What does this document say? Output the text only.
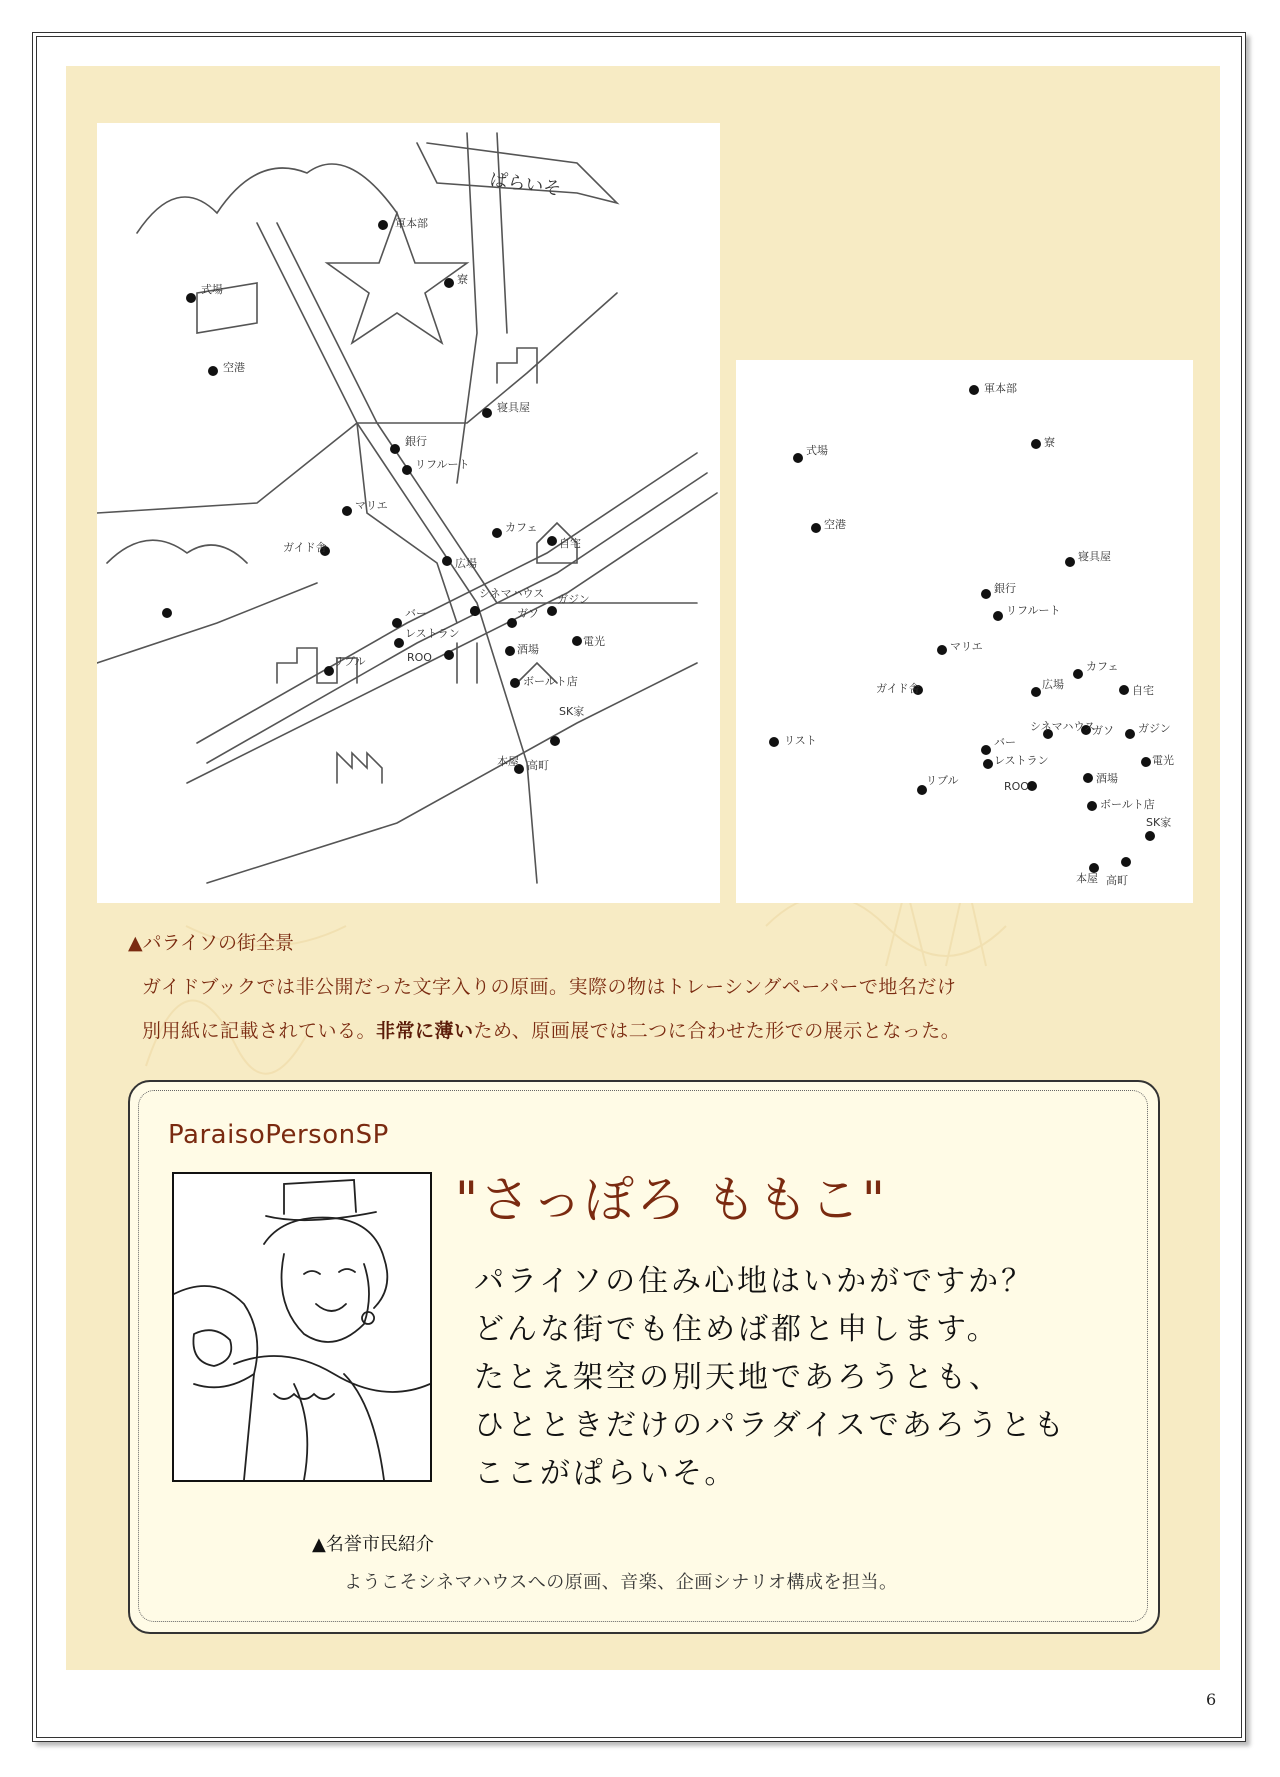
ぱらいそ
軍本部
寮
式場
空港
寝具屋
銀行
リフルート
マリエ
ガイド舎
広場
カフェ
自宅
シネマハウス
ガソ
ガジン
バー
レストラン
電光
リブル	ROO
酒場
ボールト店
SK家
本屋 高町
軍本部
寮
式場
空港
寝具屋
銀行
リフルート
マリエ
ガイド舎	広場
カフェ
自宅
シネマハウス
ガソ ガジン
バー
レストラン	電光
リブル	ROO
酒場
ボールト店
SK家
本屋 高町
リスト
▲パライソの街全景
ガイドブックでは非公開だった文字入りの原画。実際の物はトレーシングペーパーで地名だけ
別用紙に記載されている。非常に薄いため、原画展では二つに合わせた形での展示となった。
ParaisoPersonSP
"さっぽろ ももこ"
パライソの住み心地はいかがですか？
どんな街でも住めば都と申します。
たとえ架空の別天地であろうとも、
ひとときだけのパラダイスであろうとも
ここがぱらいそ。
▲名誉市民紹介
ようこそシネマハウスへの原画、音楽、企画シナリオ構成を担当。
6
